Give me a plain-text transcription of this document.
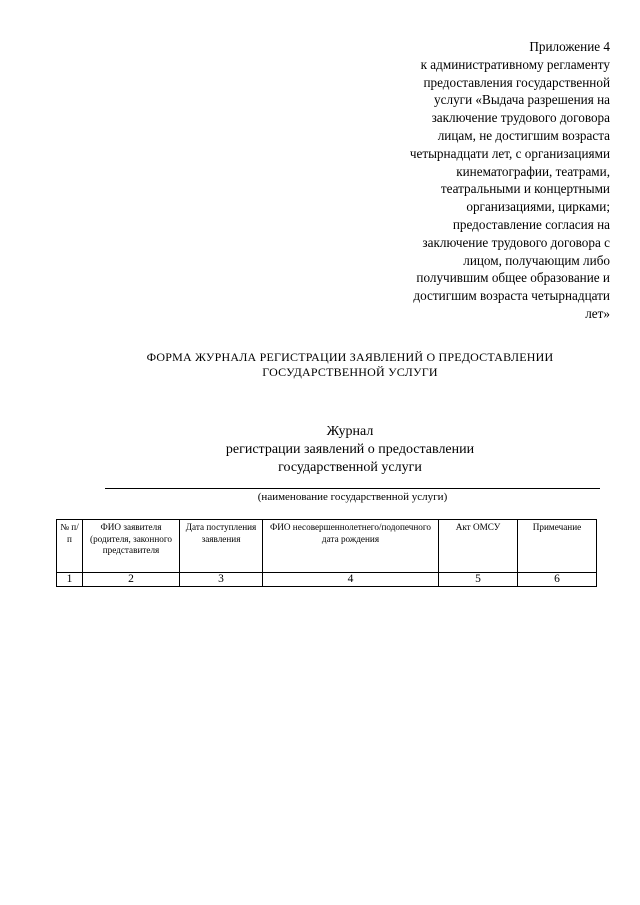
Приложение 4
к административному регламенту
предоставления государственной
услуги «Выдача разрешения на
заключение трудового договора
лицам, не достигшим возраста
четырнадцати лет, с организациями
кинематографии, театрами,
театральными и концертными
организациями, цирками;
предоставление согласия на
заключение трудового договора с
лицом, получающим либо
получившим общее образование и
достигшим возраста четырнадцати
лет»
ФОРМА ЖУРНАЛА РЕГИСТРАЦИИ ЗАЯВЛЕНИЙ О ПРЕДОСТАВЛЕНИИ
ГОСУДАРСТВЕННОЙ УСЛУГИ
Журнал
регистрации заявлений о предоставлении
государственной услуги
(наименование государственной услуги)
№ п/п	ФИО заявителя (родителя, законного представителя	Дата поступления заявления	ФИО несовершеннолетнего/подопечного дата рождения	Акт ОМСУ	Примечание
1	2	3	4	5	6
